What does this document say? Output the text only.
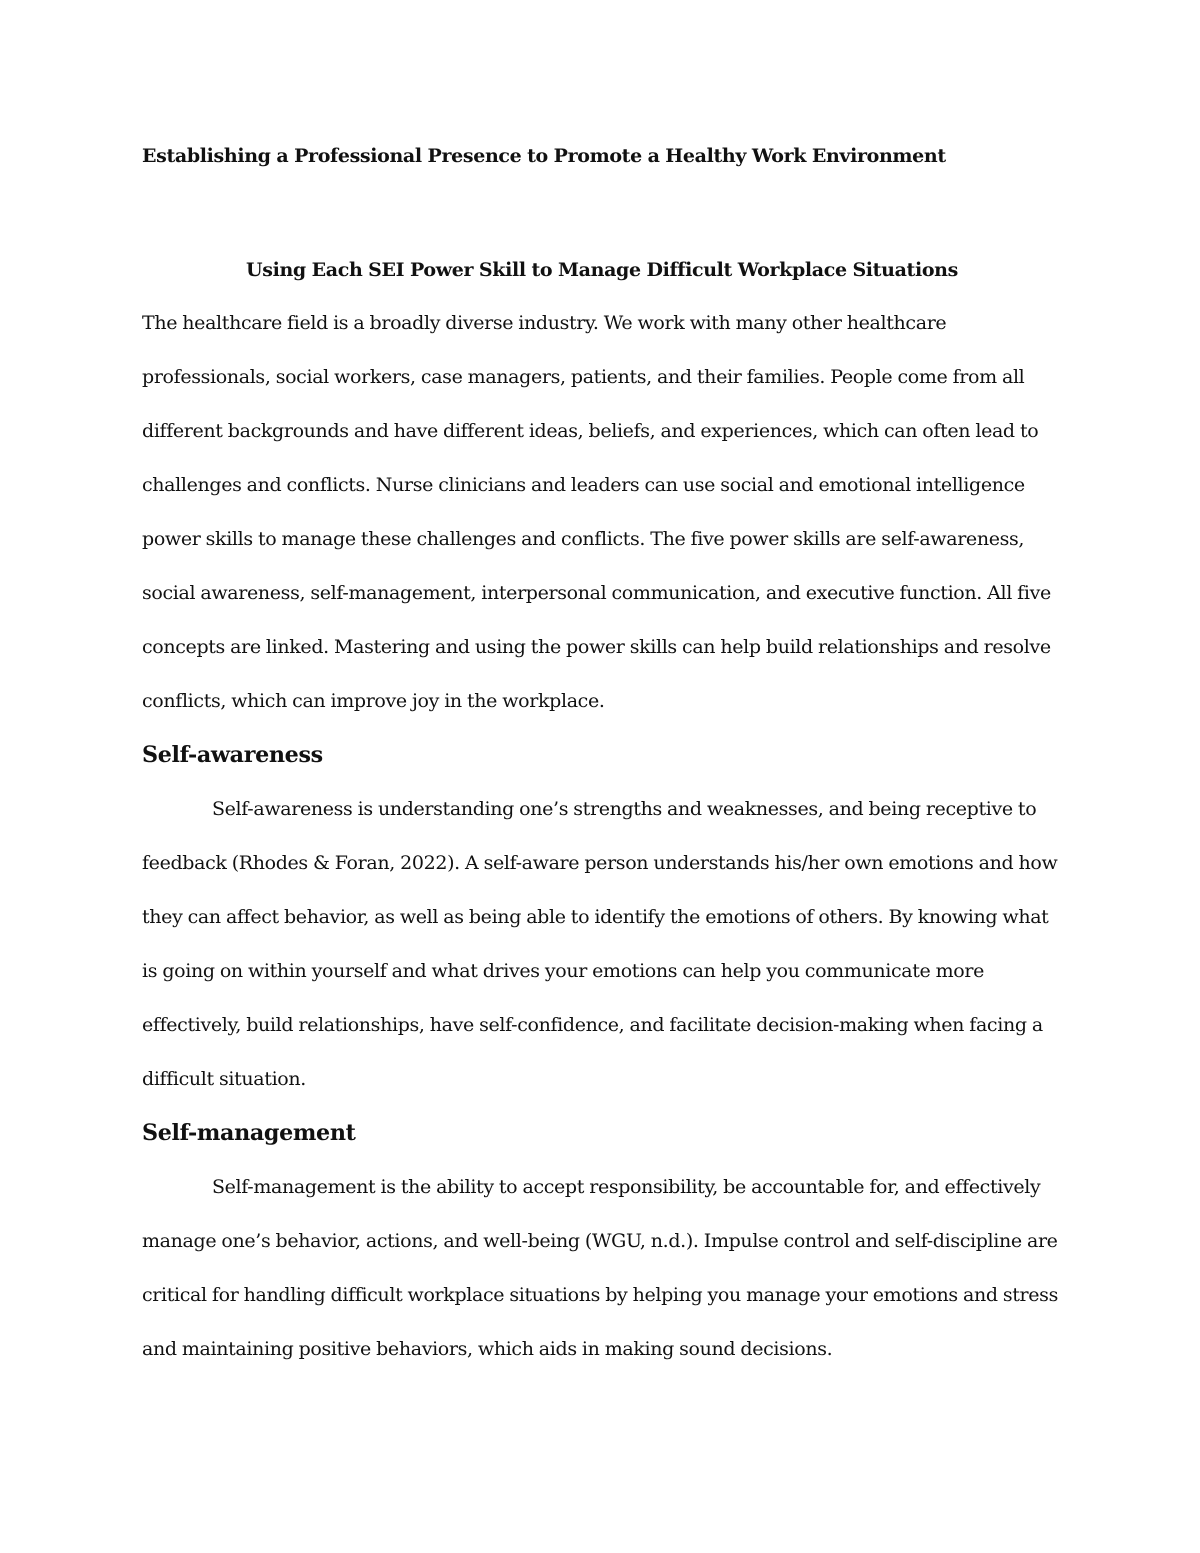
Establishing a Professional Presence to Promote a Healthy Work Environment
Using Each SEI Power Skill to Manage Difficult Workplace Situations

The healthcare field is a broadly diverse industry. We work with many other healthcare professionals, social workers, case managers, patients, and their families. People come from all different backgrounds and have different ideas, beliefs, and experiences, which can often lead to challenges and conflicts. Nurse clinicians and leaders can use social and emotional intelligence power skills to manage these challenges and conflicts. The five power skills are self-awareness, social awareness, self-management, interpersonal communication, and executive function. All five concepts are linked. Mastering and using the power skills can help build relationships and resolve conflicts, which can improve joy in the workplace.

Self-awareness

Self-awareness is understanding one’s strengths and weaknesses, and being receptive to feedback (Rhodes & Foran, 2022). A self-aware person understands his/her own emotions and how they can affect behavior, as well as being able to identify the emotions of others. By knowing what is going on within yourself and what drives your emotions can help you communicate more effectively, build relationships, have self-confidence, and facilitate decision-making when facing a difficult situation.

Self-management

Self-management is the ability to accept responsibility, be accountable for, and effectively manage one’s behavior, actions, and well-being (WGU, n.d.). Impulse control and self-discipline are critical for handling difficult workplace situations by helping you manage your emotions and stress and maintaining positive behaviors, which aids in making sound decisions.
